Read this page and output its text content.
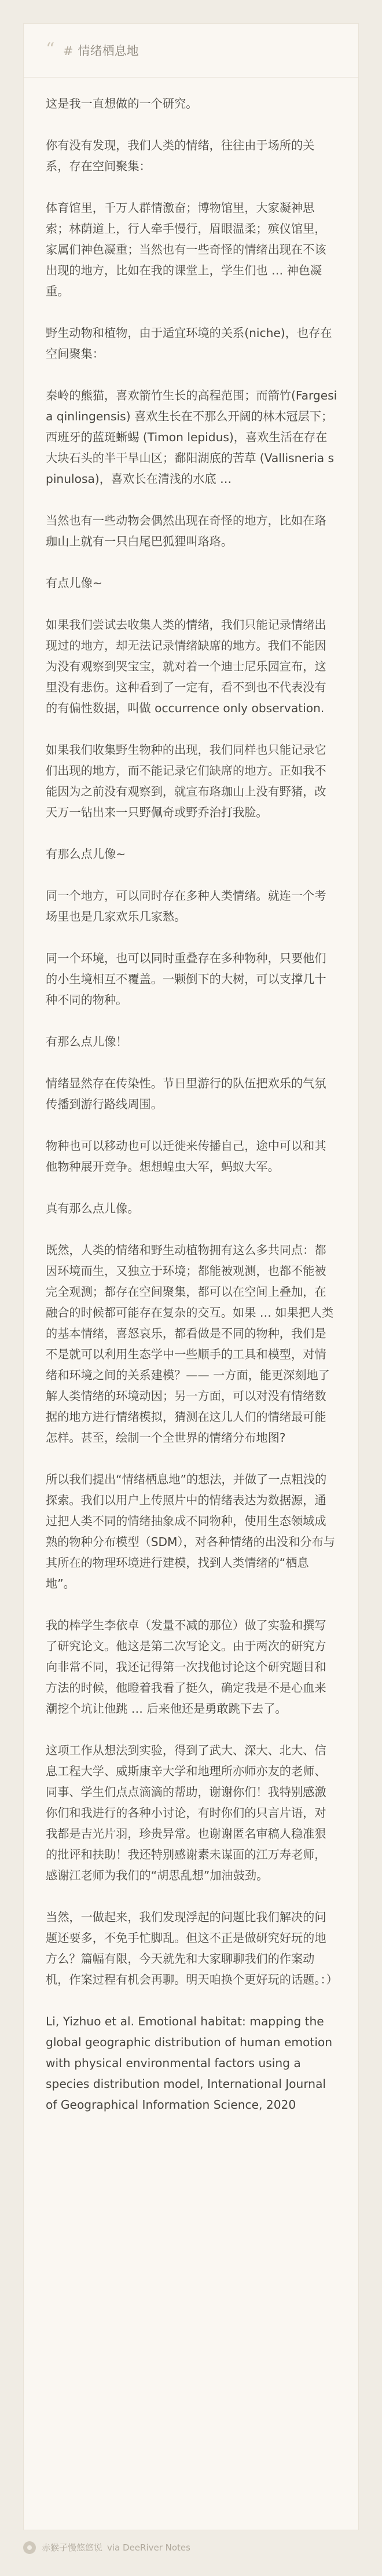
“ # 情绪栖息地

这是我一直想做的一个研究。

你有没有发现，我们人类的情绪，往往由于场所的关系，存在空间聚集：

体育馆里，千万人群情激奋；博物馆里，大家凝神思索；林荫道上，行人牵手慢行，眉眼温柔；殡仪馆里，家属们神色凝重；当然也有一些奇怪的情绪出现在不该出现的地方，比如在我的课堂上，学生们也 … 神色凝重。

野生动物和植物，由于适宜环境的关系(niche)，也存在空间聚集：

秦岭的熊猫，喜欢箭竹生长的高程范围；而箭竹(Fargesia qinlingensis) 喜欢生长在不那么开阔的林木冠层下；西班牙的蓝斑蜥蜴 (Timon lepidus)，喜欢生活在存在大块石头的半干旱山区；鄱阳湖底的苦草 (Vallisneria spinulosa)，喜欢长在清浅的水底 …

当然也有一些动物会偶然出现在奇怪的地方，比如在珞珈山上就有一只白尾巴狐狸叫珞珞。

有点儿像~

如果我们尝试去收集人类的情绪，我们只能记录情绪出现过的地方，却无法记录情绪缺席的地方。我们不能因为没有观察到哭宝宝，就对着一个迪士尼乐园宣布，这里没有悲伤。这种看到了一定有，看不到也不代表没有的有偏性数据，叫做 occurrence only observation.

如果我们收集野生物种的出现，我们同样也只能记录它们出现的地方，而不能记录它们缺席的地方。正如我不能因为之前没有观察到，就宣布珞珈山上没有野猪，改天万一钻出来一只野佩奇或野乔治打我脸。

有那么点儿像~

同一个地方，可以同时存在多种人类情绪。就连一个考场里也是几家欢乐几家愁。

同一个环境，也可以同时重叠存在多种物种，只要他们的小生境相互不覆盖。一颗倒下的大树，可以支撑几十种不同的物种。

有那么点儿像！

情绪显然存在传染性。节日里游行的队伍把欢乐的气氛传播到游行路线周围。

物种也可以移动也可以迁徙来传播自己，途中可以和其他物种展开竞争。想想蝗虫大军，蚂蚁大军。

真有那么点儿像。

既然，人类的情绪和野生动植物拥有这么多共同点：都因环境而生，又独立于环境；都能被观测，也都不能被完全观测；都存在空间聚集，都可以在空间上叠加，在融合的时候都可能存在复杂的交互。如果 … 如果把人类的基本情绪，喜怒哀乐，都看做是不同的物种，我们是不是就可以利用生态学中一些顺手的工具和模型，对情绪和环境之间的关系建模？—— 一方面，能更深刻地了解人类情绪的环境动因；另一方面，可以对没有情绪数据的地方进行情绪模拟，猜测在这儿人们的情绪最可能怎样。甚至，绘制一个全世界的情绪分布地图?

所以我们提出“情绪栖息地”的想法，并做了一点粗浅的探索。我们以用户上传照片中的情绪表达为数据源，通过把人类不同的情绪抽象成不同物种，使用生态领域成熟的物种分布模型（SDM），对各种情绪的出没和分布与其所在的物理环境进行建模，找到人类情绪的“栖息地”。

我的棒学生李依卓（发量不减的那位）做了实验和撰写了研究论文。他这是第二次写论文。由于两次的研究方向非常不同，我还记得第一次找他讨论这个研究题目和方法的时候，他瞪着我看了挺久，确定我是不是心血来潮挖个坑让他跳 … 后来他还是勇敢跳下去了。

这项工作从想法到实验，得到了武大、深大、北大、信息工程大学、威斯康辛大学和地理所亦师亦友的老师、同事、学生们点点滴滴的帮助，谢谢你们！我特别感激你们和我进行的各种小讨论，有时你们的只言片语，对我都是吉光片羽，珍贵异常。也谢谢匿名审稿人稳准狠的批评和扶助！我还特别感谢素未谋面的江万寿老师，感谢江老师为我们的“胡思乱想”加油鼓劲。

当然，一做起来，我们发现浮起的问题比我们解决的问题还要多，不免手忙脚乱。但这不正是做研究好玩的地方么？篇幅有限，今天就先和大家聊聊我们的作案动机，作案过程有机会再聊。明天咱换个更好玩的话题。：）

Li, Yizhuo et al. Emotional habitat: mapping the global geographic distribution of human emotion with physical environmental factors using a species distribution model, International Journal of Geographical Information Science, 2020

赤猴子慢悠悠说 via DeeRiver Notes
